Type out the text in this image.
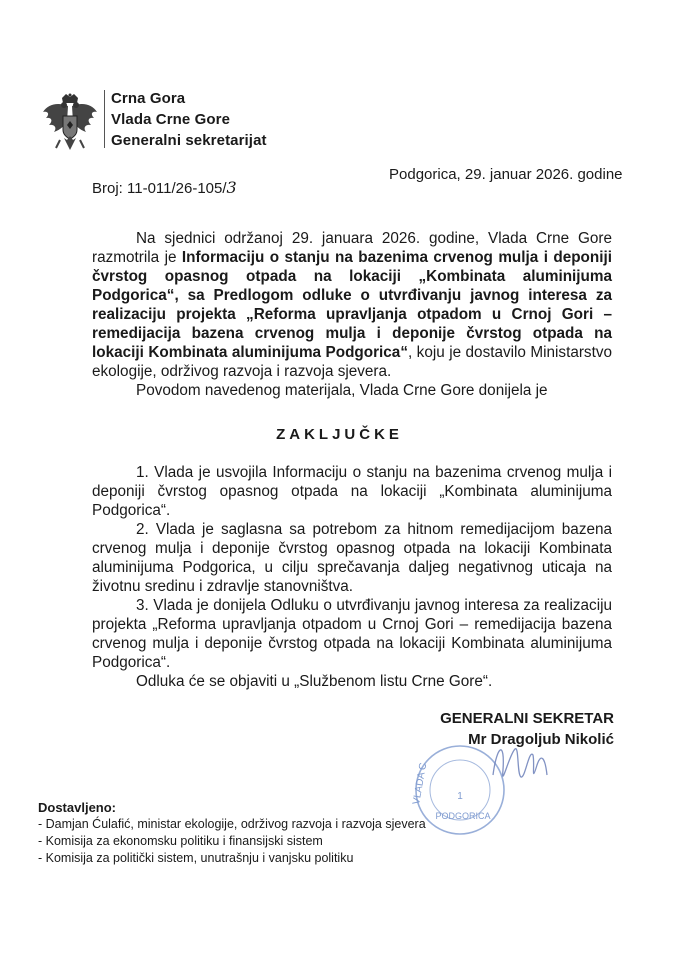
Crna Gora
Vlada Crne Gore
Generalni sekretarijat
Broj: 11-011/26-105/3
Podgorica, 29. januar 2026. godine

Na sjednici održanoj 29. januara 2026. godine, Vlada Crne Gore razmotrila je Informaciju o stanju na bazenima crvenog mulja i deponiji čvrstog opasnog otpada na lokaciji „Kombinata aluminijuma Podgorica“, sa Predlogom odluke o utvrđivanju javnog interesa za realizaciju projekta „Reforma upravljanja otpadom u Crnoj Gori – remedijacija bazena crvenog mulja i deponije čvrstog otpada na lokaciji Kombinata aluminijuma Podgorica“, koju je dostavilo Ministarstvo ekologije, održivog razvoja i razvoja sjevera.

Povodom navedenog materijala, Vlada Crne Gore donijela je

ZAKLJUČKE

1. Vlada je usvojila Informaciju o stanju na bazenima crvenog mulja i deponiji čvrstog opasnog otpada na lokaciji „Kombinata aluminijuma Podgorica“.

2. Vlada je saglasna sa potrebom za hitnom remedijacijom bazena crvenog mulja i deponije čvrstog opasnog otpada na lokaciji Kombinata aluminijuma Podgorica, u cilju sprečavanja daljeg negativnog uticaja na životnu sredinu i zdravlje stanovništva.

3. Vlada je donijela Odluku o utvrđivanju javnog interesa za realizaciju projekta „Reforma upravljanja otpadom u Crnoj Gori – remedijacija bazena crvenog mulja i deponije čvrstog otpada na lokaciji Kombinata aluminijuma Podgorica“.

Odluka će se objaviti u „Službenom listu Crne Gore“.

VLADA C	1
PODGORICA
GENERALNI SEKRETAR
Mr Dragoljub Nikolić
Dostavljeno:
- Damjan Ćulafić, ministar ekologije, održivog razvoja i razvoja sjevera
- Komisija za ekonomsku politiku i finansijski sistem
- Komisija za politički sistem, unutrašnju i vanjsku politiku
